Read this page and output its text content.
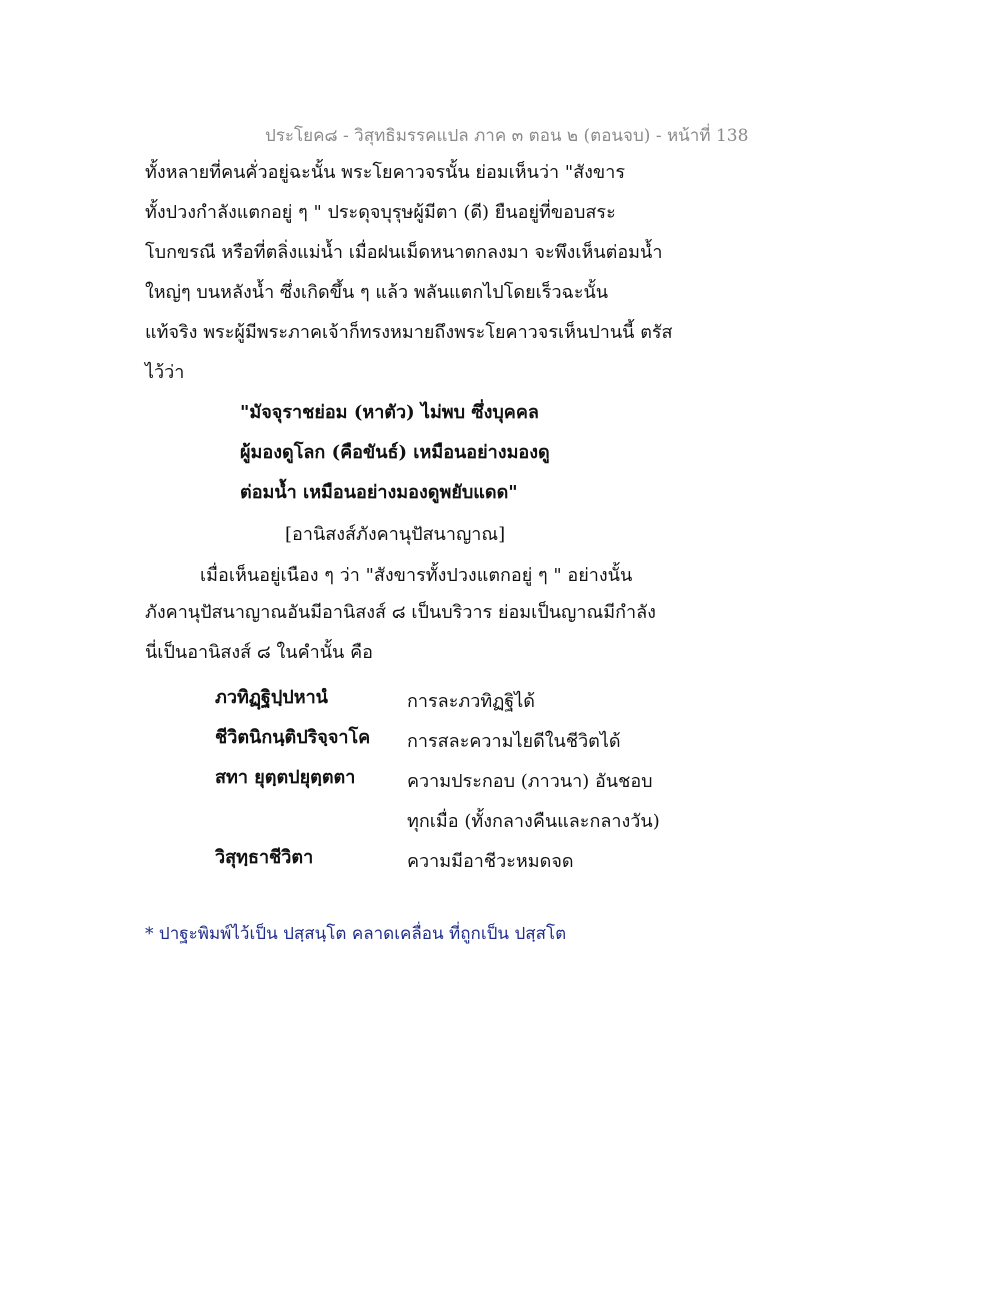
ประโยค๘ - วิสุทธิมรรคแปล ภาค ๓ ตอน ๒ (ตอนจบ) - หน้าที่ 138
ทั้งหลายที่คนคั่วอยู่ฉะนั้น พระโยคาวจรนั้น ย่อมเห็นว่า "สังขาร
ทั้งปวงกำลังแตกอยู่ ๆ " ประดุจบุรุษผู้มีตา (ดี) ยืนอยู่ที่ขอบสระ
โบกขรณี หรือที่ตลิ่งแม่น้ำ เมื่อฝนเม็ดหนาตกลงมา จะพึงเห็นต่อมน้ำ
ใหญ่ๆ บนหลังน้ำ ซึ่งเกิดขึ้น ๆ แล้ว พลันแตกไปโดยเร็วฉะนั้น
แท้จริง พระผู้มีพระภาคเจ้าก็ทรงหมายถึงพระโยคาวจรเห็นปานนี้ ตรัส
ไว้ว่า
"มัจจุราชย่อม (หาตัว) ไม่พบ ซึ่งบุคคล
ผู้มองดูโลก (คือขันธ์) เหมือนอย่างมองดู
ต่อมน้ำ เหมือนอย่างมองดูพยับแดด"
[อานิสงส์ภังคานุปัสนาญาณ]
เมื่อเห็นอยู่เนือง ๆ ว่า "สังขารทั้งปวงแตกอยู่ ๆ " อย่างนั้น
ภังคานุปัสนาญาณอันมีอานิสงส์ ๘ เป็นบริวาร ย่อมเป็นญาณมีกำลัง
นี่เป็นอานิสงส์ ๘ ในคำนั้น คือ
ภวทิฏฺฐิปฺปหานํ	การละภวทิฏฐิได้
ชีวิตนิกนฺติปริจฺจาโค การสละความไยดีในชีวิตได้
สทา ยุตฺตปยุตฺตตา	ความประกอบ (ภาวนา) อันชอบ
ทุกเมื่อ (ทั้งกลางคืนและกลางวัน)
วิสุทฺธาชีวิตา	ความมีอาชีวะหมดจด
* ปาฐะพิมพ์ไว้เป็น ปสฺสนฺโต คลาดเคลื่อน ที่ถูกเป็น ปสฺสโต
